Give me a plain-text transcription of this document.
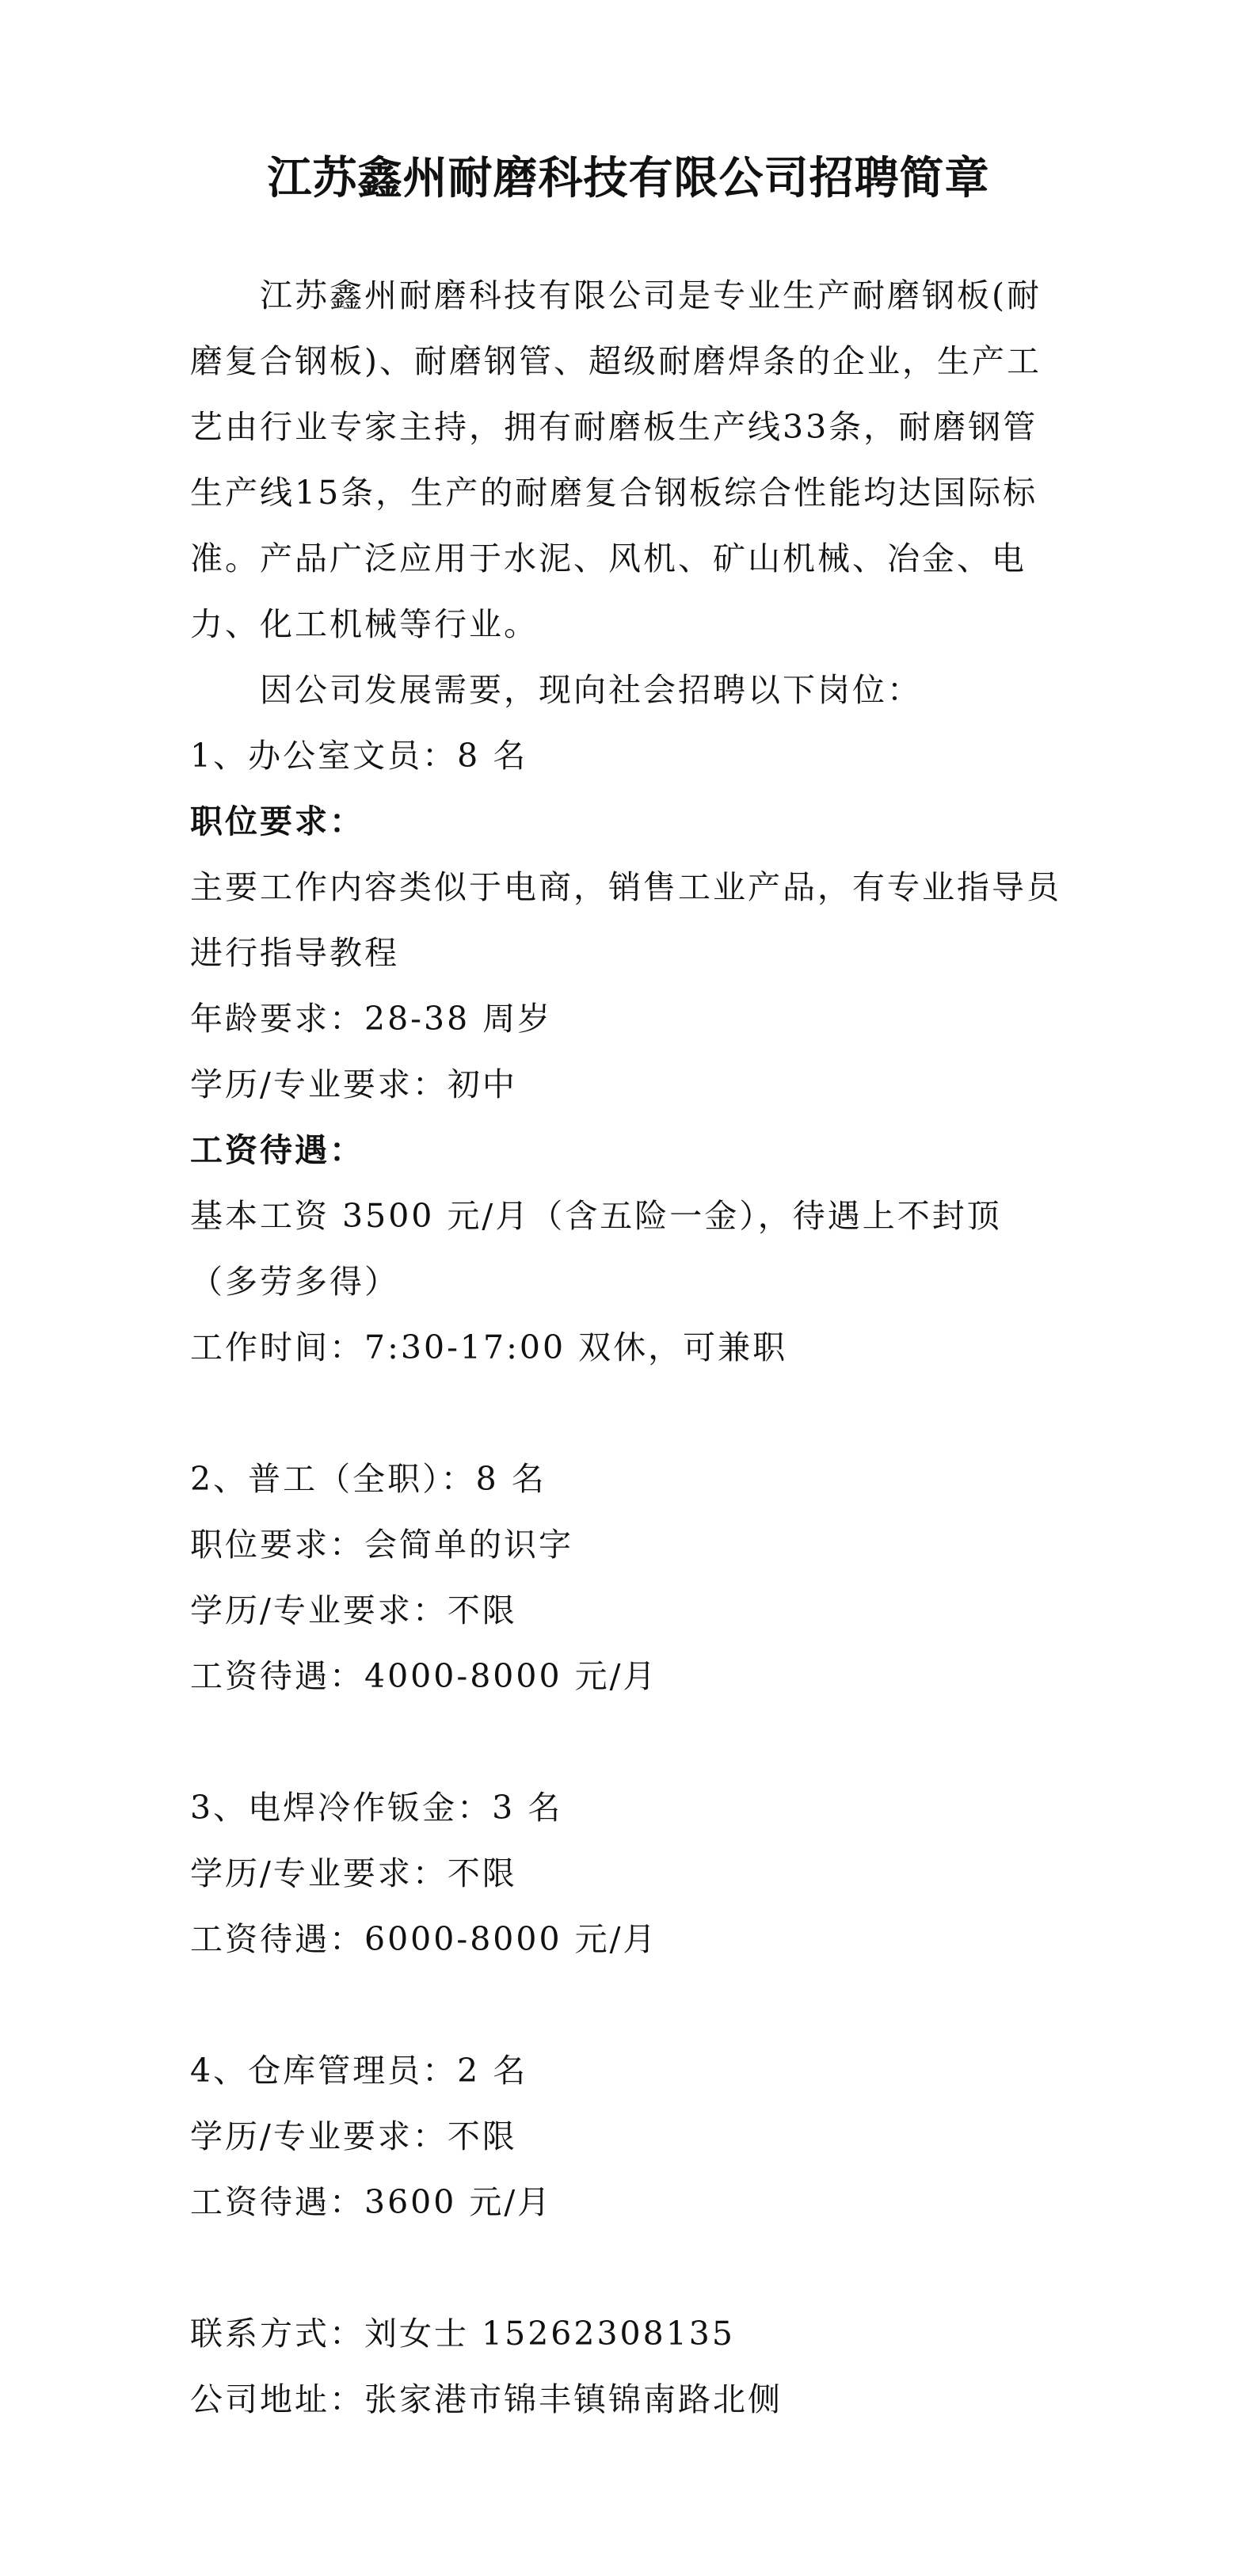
江苏鑫州耐磨科技有限公司招聘简章

江苏鑫州耐磨科技有限公司是专业生产耐磨钢板(耐磨复合钢板)、耐磨钢管、超级耐磨焊条的企业，生产工艺由行业专家主持，拥有耐磨板生产线33条，耐磨钢管生产线15条，生产的耐磨复合钢板综合性能均达国际标准。产品广泛应用于水泥、风机、矿山机械、冶金、电力、化工机械等行业。

因公司发展需要，现向社会招聘以下岗位：

1、办公室文员：8 名

职位要求：

主要工作内容类似于电商，销售工业产品，有专业指导员进行指导教程

年龄要求：28-38 周岁

学历/专业要求：初中

工资待遇：

基本工资 3500 元/月（含五险一金），待遇上不封顶（多劳多得）

工作时间：7:30-17:00 双休，可兼职

2、普工（全职）：8 名

职位要求：会简单的识字

学历/专业要求：不限

工资待遇：4000-8000 元/月

3、电焊冷作钣金：3 名

学历/专业要求：不限

工资待遇：6000-8000 元/月

4、仓库管理员：2 名

学历/专业要求：不限

工资待遇：3600 元/月

联系方式：刘女士 15262308135

公司地址：张家港市锦丰镇锦南路北侧
